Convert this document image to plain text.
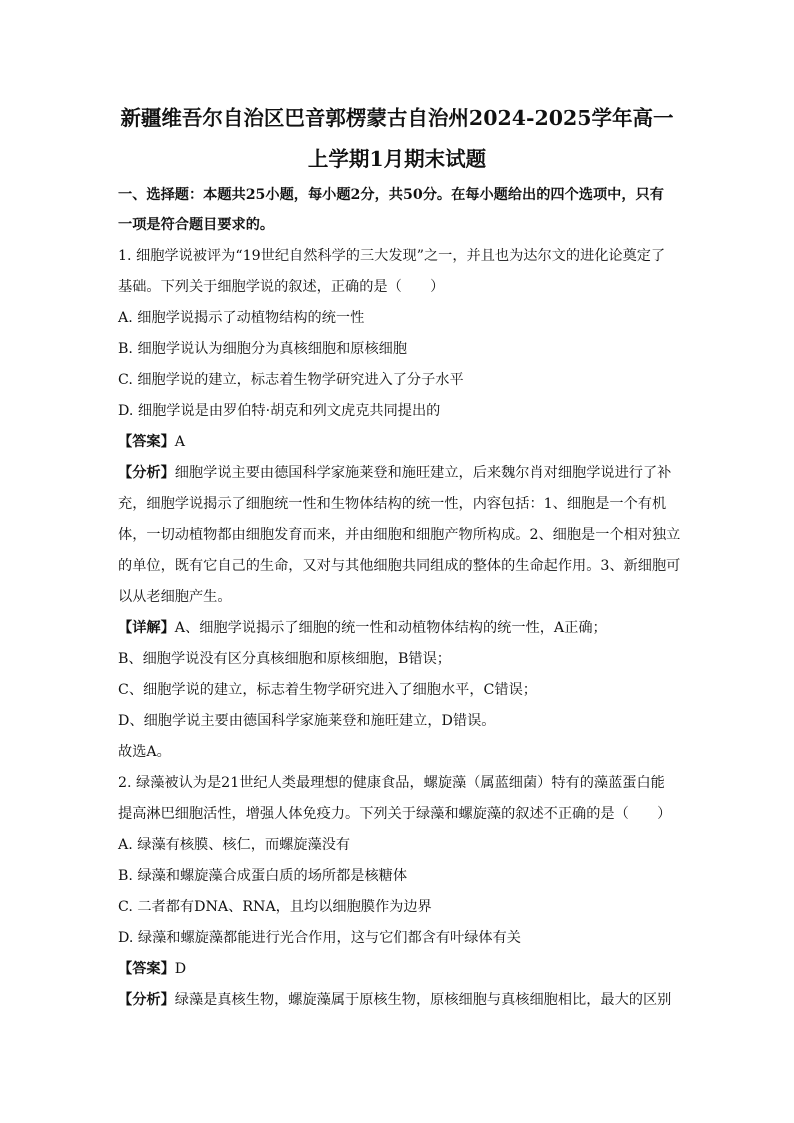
新疆维吾尔自治区巴音郭楞蒙古自治州2024-2025学年高一
上学期1月期末试题
一、选择题：本题共25小题，每小题2分，共50分。在每小题给出的四个选项中，只有
一项是符合题目要求的。
1. 细胞学说被评为“19世纪自然科学的三大发现”之一，并且也为达尔文的进化论奠定了
基础。下列关于细胞学说的叙述，正确的是（　　）
A. 细胞学说揭示了动植物结构的统一性
B. 细胞学说认为细胞分为真核细胞和原核细胞
C. 细胞学说的建立，标志着生物学研究进入了分子水平
D. 细胞学说是由罗伯特·胡克和列文虎克共同提出的
【答案】A
【分析】细胞学说主要由德国科学家施莱登和施旺建立，后来魏尔肖对细胞学说进行了补
充，细胞学说揭示了细胞统一性和生物体结构的统一性，内容包括：1、细胞是一个有机
体，一切动植物都由细胞发育而来，并由细胞和细胞产物所构成。2、细胞是一个相对独立
的单位，既有它自己的生命，又对与其他细胞共同组成的整体的生命起作用。3、新细胞可
以从老细胞产生。
【详解】A、细胞学说揭示了细胞的统一性和动植物体结构的统一性，A正确；
B、细胞学说没有区分真核细胞和原核细胞，B错误；
C、细胞学说的建立，标志着生物学研究进入了细胞水平，C错误；
D、细胞学说主要由德国科学家施莱登和施旺建立，D错误。
故选A。
2. 绿藻被认为是21世纪人类最理想的健康食品，螺旋藻（属蓝细菌）特有的藻蓝蛋白能
提高淋巴细胞活性，增强人体免疫力。下列关于绿藻和螺旋藻的叙述不正确的是（　　）
A. 绿藻有核膜、核仁，而螺旋藻没有
B. 绿藻和螺旋藻合成蛋白质的场所都是核糖体
C. 二者都有DNA、RNA，且均以细胞膜作为边界
D. 绿藻和螺旋藻都能进行光合作用，这与它们都含有叶绿体有关
【答案】D
【分析】绿藻是真核生物，螺旋藻属于原核生物，原核细胞与真核细胞相比，最大的区别
